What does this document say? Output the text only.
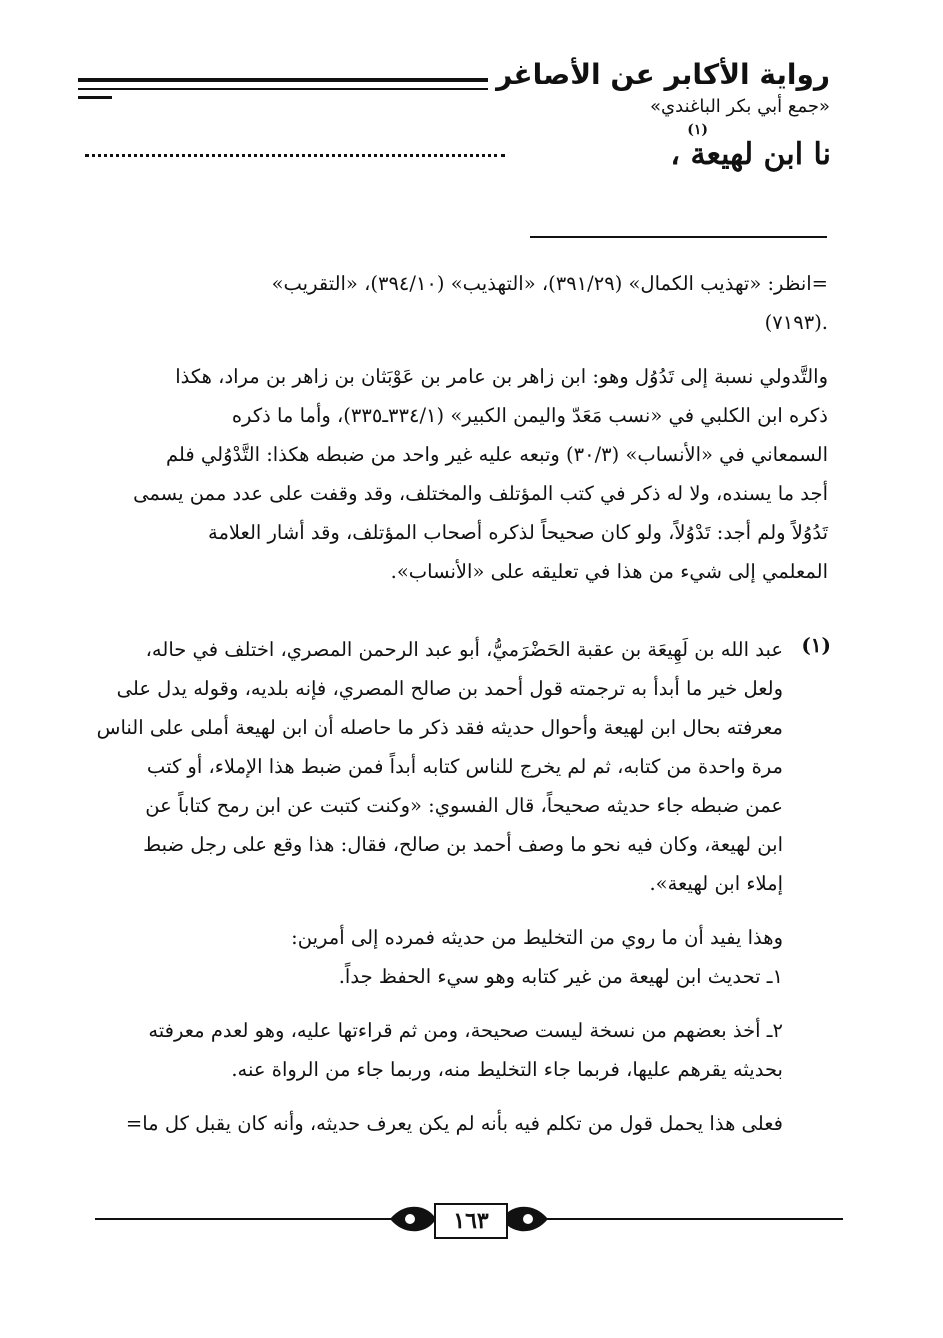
رواية الأكابر عن الأصاغر
«جمع أبي بكر الباغندي»
نا ابن لهيعة ،
(١)
=انظر: «تهذيب الكمال» (٣٩١/٢٩)، «التهذيب» (٣٩٤/١٠)، «التقريب»
(٧١٩٣).
والتَّدولي نسبة إلى تَدُوُل وهو: ابن زاهر بن عامر بن عَوْبَثان بن زاهر بن مراد، هكذا
ذكره ابن الكلبي في «نسب مَعَدّ واليمن الكبير» (٣٣٤/١ـ٣٣٥)، وأما ما ذكره
السمعاني في «الأنساب» (٣٠/٣) وتبعه عليه غير واحد من ضبطه هكذا: التَّدْوُلي فلم
أجد ما يسنده، ولا له ذكر في كتب المؤتلف والمختلف، وقد وقفت على عدد ممن يسمى
تَدُوُلاً ولم أجد: تَدْوُلاً، ولو كان صحيحاً لذكره أصحاب المؤتلف، وقد أشار العلامة
المعلمي إلى شيء من هذا في تعليقه على «الأنساب».
(١)
عبد الله بن لَهِيعَة بن عقبة الحَضْرَميُّ، أبو عبد الرحمن المصري، اختلف في حاله،
ولعل خير ما أبدأ به ترجمته قول أحمد بن صالح المصري، فإنه بلديه، وقوله يدل على
معرفته بحال ابن لهيعة وأحوال حديثه فقد ذكر ما حاصله أن ابن لهيعة أملى على الناس
مرة واحدة من كتابه، ثم لم يخرج للناس كتابه أبداً فمن ضبط هذا الإملاء، أو كتب
عمن ضبطه جاء حديثه صحيحاً، قال الفسوي: «وكنت كتبت عن ابن رمح كتاباً عن
ابن لهيعة، وكان فيه نحو ما وصف أحمد بن صالح، فقال: هذا وقع على رجل ضبط
إملاء ابن لهيعة».
وهذا يفيد أن ما روي من التخليط من حديثه فمرده إلى أمرين:
١ـ تحديث ابن لهيعة من غير كتابه وهو سيء الحفظ جداً.
٢ـ أخذ بعضهم من نسخة ليست صحيحة، ومن ثم قراءتها عليه، وهو لعدم معرفته
بحديثه يقرهم عليها، فربما جاء التخليط منه، وربما جاء من الرواة عنه.
فعلى هذا يحمل قول من تكلم فيه بأنه لم يكن يعرف حديثه، وأنه كان يقبل كل ما=
١٦٣
